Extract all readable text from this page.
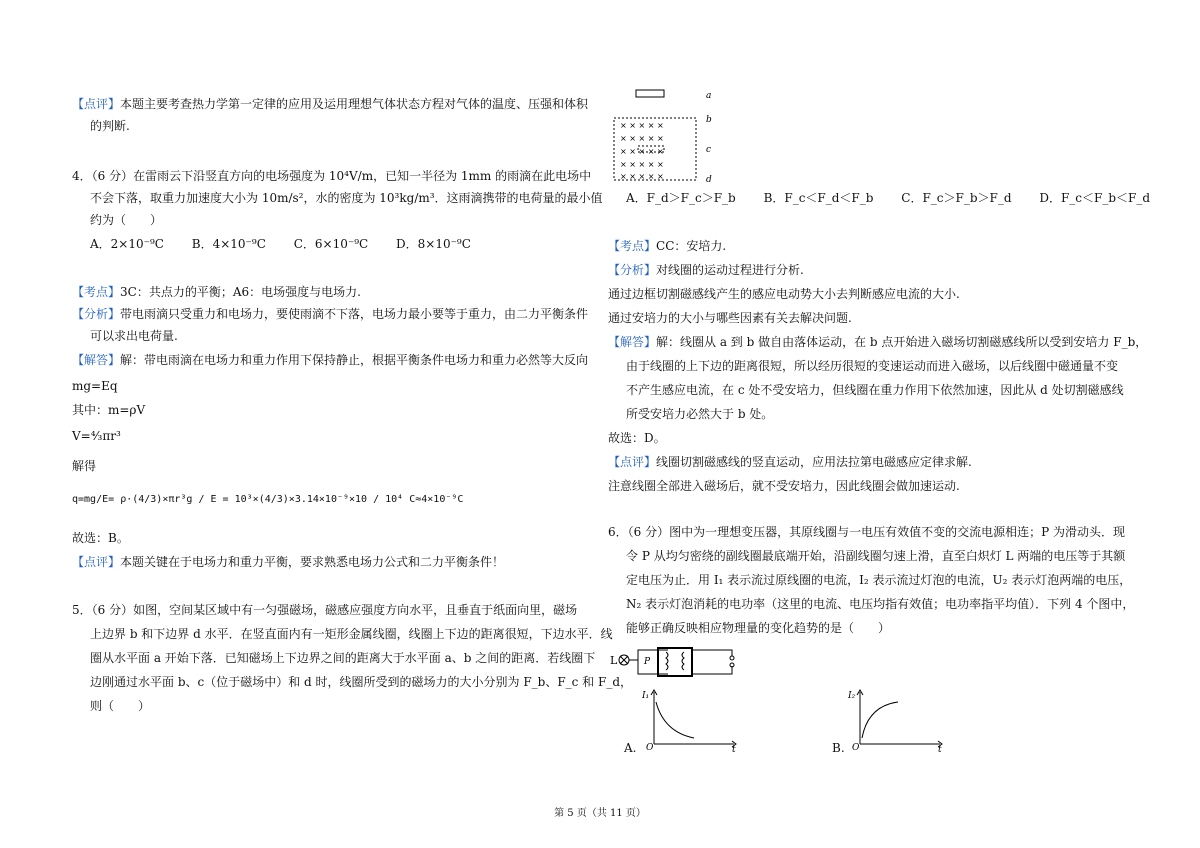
【点评】本题主要考查热力学第一定律的应用及运用理想气体状态方程对气体的温度、压强和体积
的判断.
4．（6 分）在雷雨云下沿竖直方向的电场强度为 10⁴V/m，已知一半径为 1mm 的雨滴在此电场中
不会下落，取重力加速度大小为 10m/s²，水的密度为 10³kg/m³．这雨滴携带的电荷量的最小值
约为（　　）
A．2×10⁻⁹C B．4×10⁻⁹C C．6×10⁻⁹C D．8×10⁻⁹C
【考点】3C：共点力的平衡；A6：电场强度与电场力.
【分析】带电雨滴只受重力和电场力，要使雨滴不下落，电场力最小要等于重力，由二力平衡条件
可以求出电荷量.
【解答】解：带电雨滴在电场力和重力作用下保持静止，根据平衡条件电场力和重力必然等大反向
mg=Eq
其中：m=ρV
V=⁴⁄₃πr³
解得
q=mg/E= ρ·(4/3)×πr³g / E = 10³×(4/3)×3.14×10⁻⁹×10 / 10⁴ C≈4×10⁻⁹C
故选：B。
【点评】本题关键在于电场力和重力平衡，要求熟悉电场力公式和二力平衡条件！
5．（6 分）如图，空间某区域中有一匀强磁场，磁感应强度方向水平，且垂直于纸面向里，磁场
上边界 b 和下边界 d 水平．在竖直面内有一矩形金属线圈，线圈上下边的距离很短，下边水平．线
圈从水平面 a 开始下落．已知磁场上下边界之间的距离大于水平面 a、b 之间的距离．若线圈下
边刚通过水平面 b、c（位于磁场中）和 d 时，线圈所受到的磁场力的大小分别为 F_b、F_c 和 F_d，
则（　　）
× × × × ×
× × × × ×
× × × × ×
× × × × ×
× × × × ×
a
b
c
d
A．F_d＞F_c＞F_b B．F_c＜F_d＜F_b C．F_c＞F_b＞F_d D．F_c＜F_b＜F_d
【考点】CC：安培力.
【分析】对线圈的运动过程进行分析.
通过边框切割磁感线产生的感应电动势大小去判断感应电流的大小.
通过安培力的大小与哪些因素有关去解决问题.
【解答】解：线圈从 a 到 b 做自由落体运动，在 b 点开始进入磁场切割磁感线所以受到安培力 F_b，
由于线圈的上下边的距离很短，所以经历很短的变速运动而进入磁场，以后线圈中磁通量不变
不产生感应电流，在 c 处不受安培力，但线圈在重力作用下依然加速，因此从 d 处切割磁感线
所受安培力必然大于 b 处。
故选：D。
【点评】线圈切割磁感线的竖直运动，应用法拉第电磁感应定律求解.
注意线圈全部进入磁场后，就不受安培力，因此线圈会做加速运动.
6．（6 分）图中为一理想变压器，其原线圈与一电压有效值不变的交流电源相连；P 为滑动头．现
令 P 从均匀密绕的副线圈最底端开始，沿副线圈匀速上滑，直至白炽灯 L 两端的电压等于其额
定电压为止．用 I₁ 表示流过原线圈的电流，I₂ 表示流过灯泡的电流，U₂ 表示灯泡两端的电压，
N₂ 表示灯泡消耗的电功率（这里的电流、电压均指有效值；电功率指平均值）．下列 4 个图中，
能够正确反映相应物理量的变化趋势的是（　　）
L	P
I₁
O	t
A.
I₂
O	t
B.
第 5 页（共 11 页）
